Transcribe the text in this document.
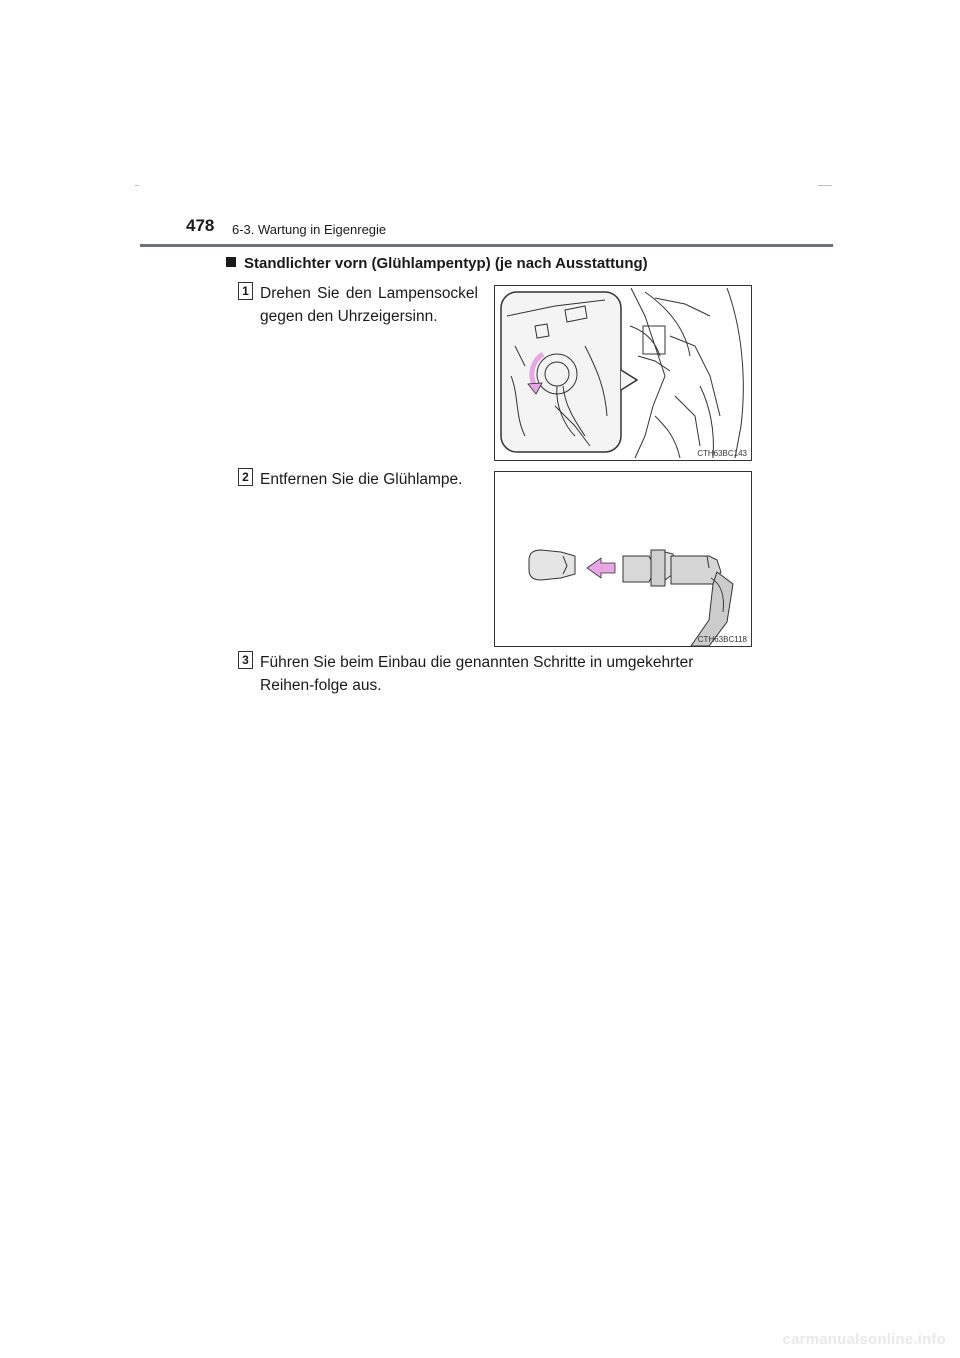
478 6-3. Wartung in Eigenregie
Standlichter vorn (Glühlampentyp) (je nach Ausstattung)
1 Drehen Sie den Lampensockel gegen den Uhrzeigersinn.
CTH63BC143
2 Entfernen Sie die Glühlampe.
CTH63BC118
3 Führen Sie beim Einbau die genannten Schritte in umgekehrter Reihen-folge aus.
carmanualsonline.info
